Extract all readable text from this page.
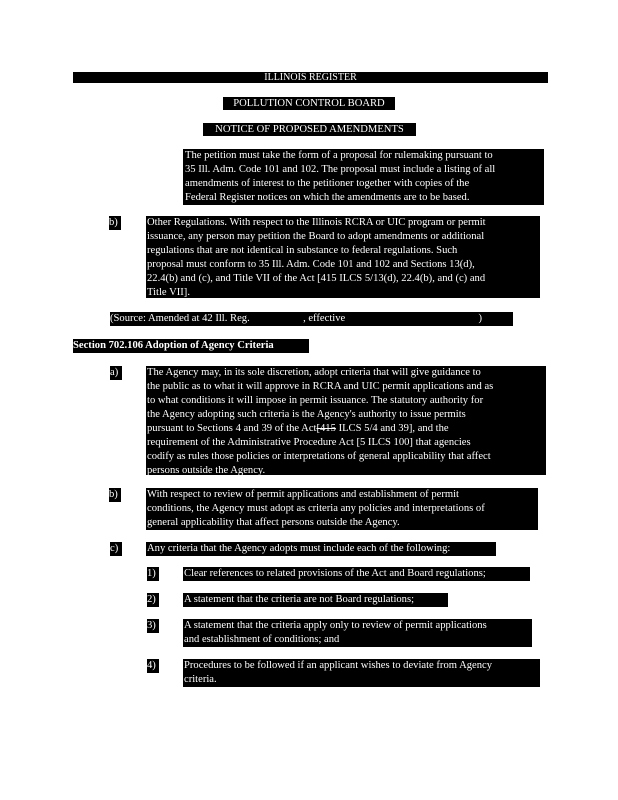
ILLINOIS REGISTER
POLLUTION CONTROL BOARD
NOTICE OF PROPOSED AMENDMENTS

The petition must take the form of a proposal for rulemaking pursuant to

35 Ill. Adm. Code 101 and 102. The proposal must include a listing of all

amendments of interest to the petitioner together with copies of the

Federal Register notices on which the amendments are to be based.

b)	Other Regulations. With respect to the Illinois RCRA or UIC program or permit

issuance, any person may petition the Board to adopt amendments or additional

regulations that are not identical in substance to federal regulations. Such

proposal must conform to 35 Ill. Adm. Code 101 and 102 and Sections 13(d),

22.4(b) and (c), and Title VII of the Act [415 ILCS 5/13(d), 22.4(b), and (c) and

Title VII].

(Source: Amended at 42 Ill. Reg.	, effective	)
Section 702.106 Adoption of Agency Criteria
a)	The Agency may, in its sole discretion, adopt criteria that will give guidance to

the public as to what it will approve in RCRA and UIC permit applications and as

to what conditions it will impose in permit issuance. The statutory authority for

the Agency adopting such criteria is the Agency's authority to issue permits

pursuant to Sections 4 and 39 of the Act[415 ILCS 5/4 and 39], and the

requirement of the Administrative Procedure Act [5 ILCS 100] that agencies

codify as rules those policies or interpretations of general applicability that affect

persons outside the Agency.

b)	With respect to review of permit applications and establishment of permit

conditions, the Agency must adopt as criteria any policies and interpretations of

general applicability that affect persons outside the Agency.

c)	Any criteria that the Agency adopts must include each of the following:
1)	Clear references to related provisions of the Act and Board regulations;
2)	A statement that the criteria are not Board regulations;
3)	A statement that the criteria apply only to review of permit applications

and establishment of conditions; and

4)	Procedures to be followed if an applicant wishes to deviate from Agency

criteria.
